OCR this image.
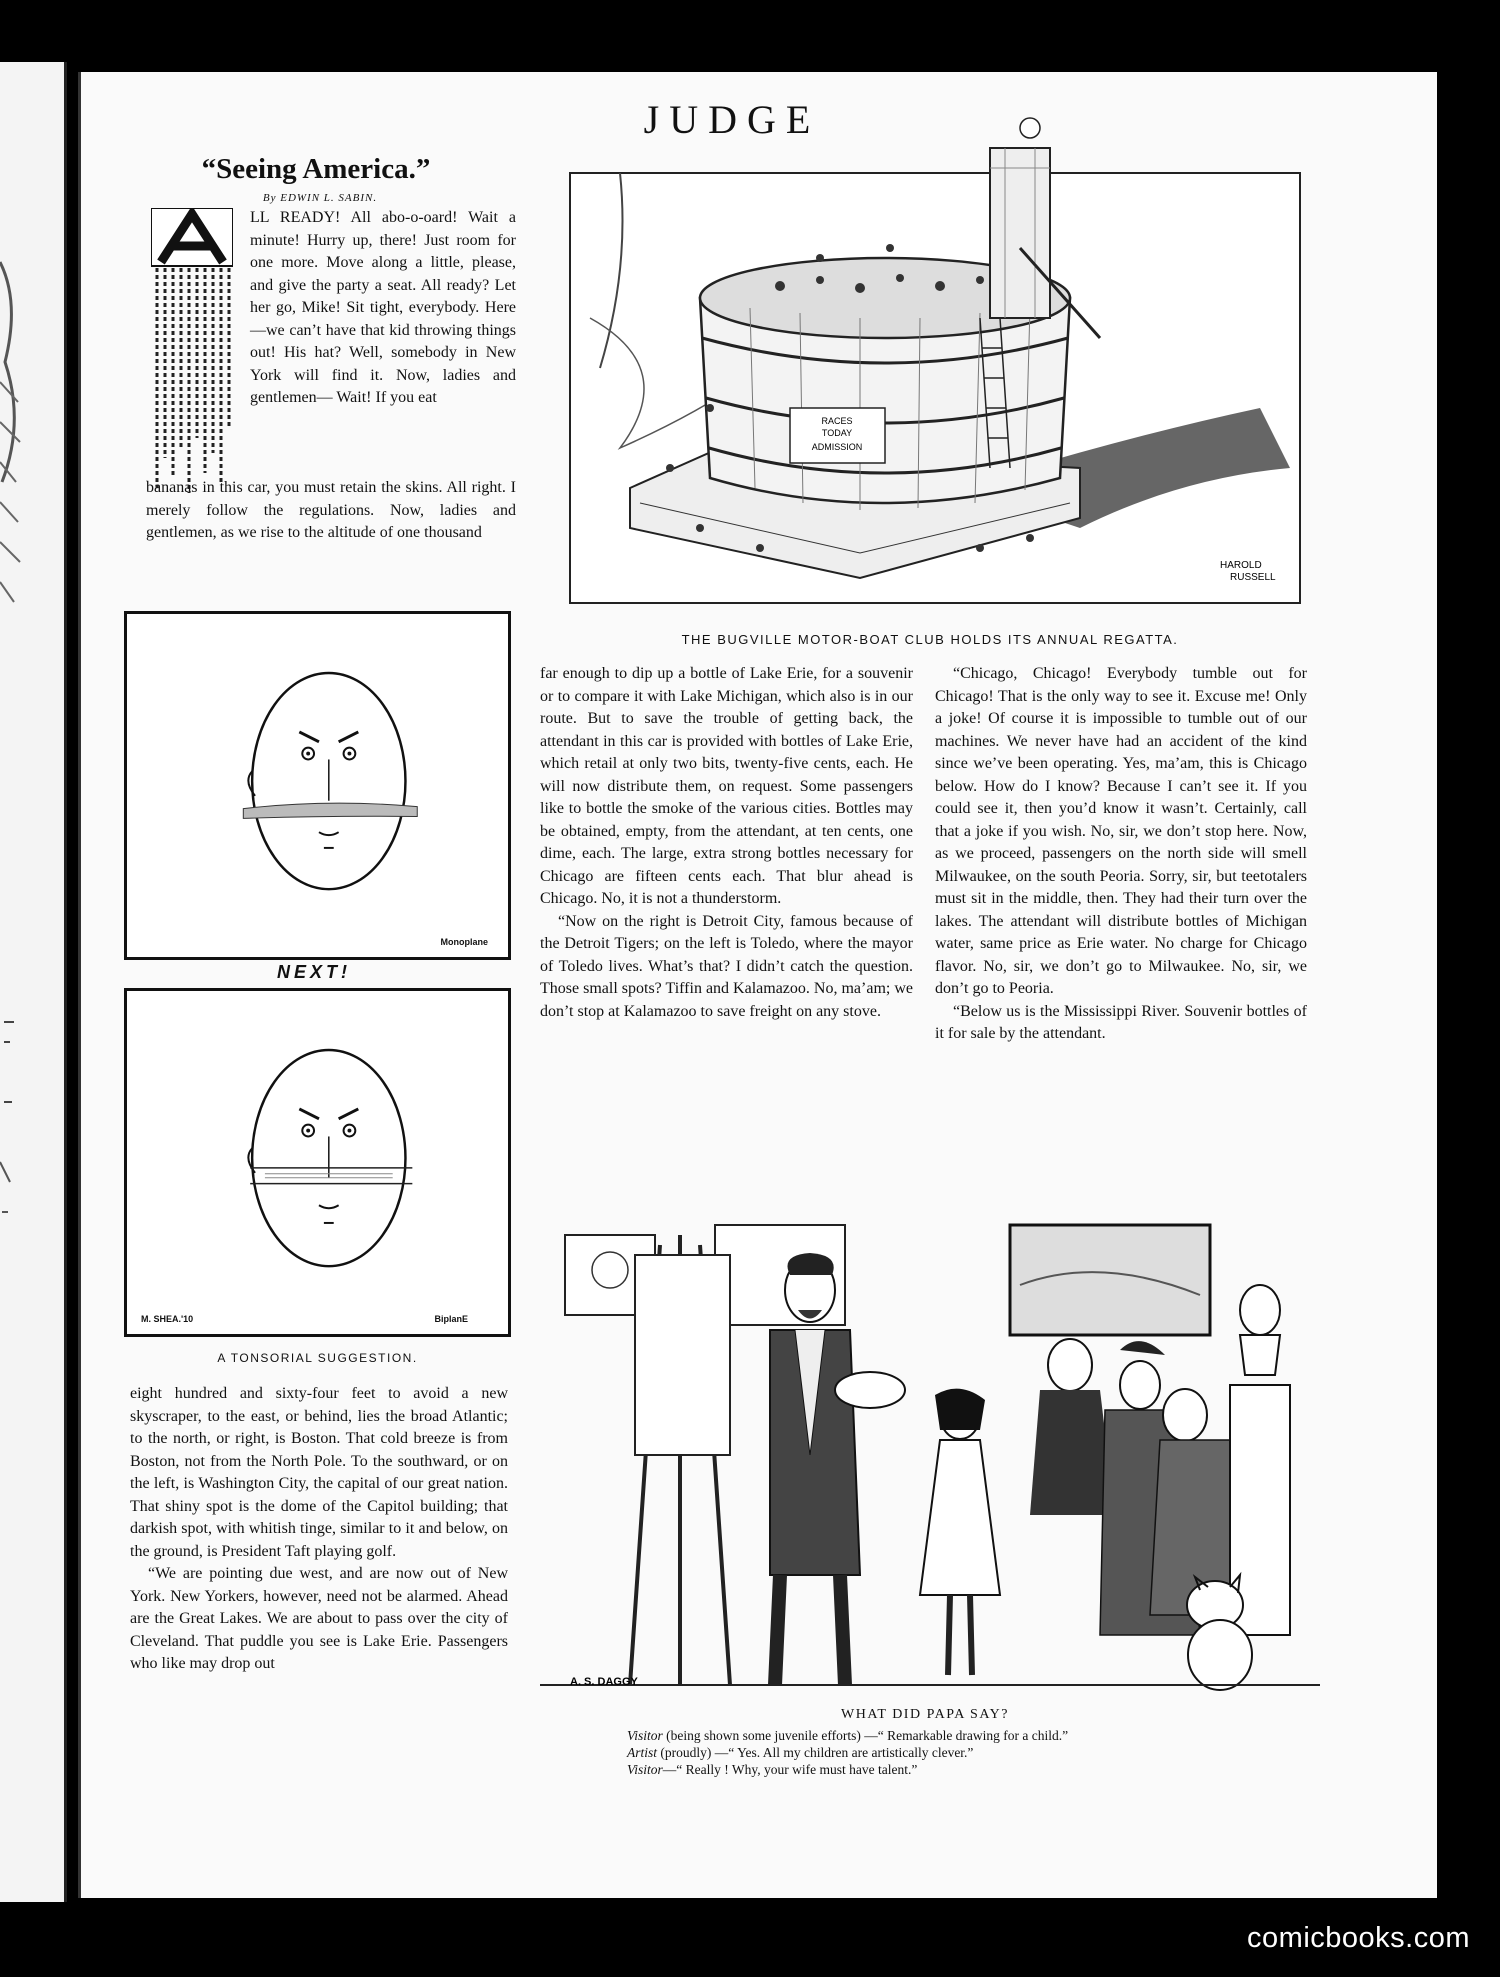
JUDGE
“Seeing America.”
By EDWIN L. SABIN.

LL READY! All abo-o-oard! Wait a minute! Hurry up, there! Just room for one more. Move along a little, please, and give the party a seat. All ready? Let her go, Mike! Sit tight, everybody. Here—we can’t have that kid throwing things out! His hat? Well, somebody in New York will find it. Now, ladies and gentlemen— Wait! If you eat

bananas in this car, you must retain the skins. All right. I merely follow the regulations. Now, ladies and gentlemen, as we rise to the altitude of one thousand

RACES
TODAY
ADMISSION
HAROLD
RUSSELL
THE BUGVILLE MOTOR-BOAT CLUB HOLDS ITS ANNUAL REGATTA.
Monoplane
NEXT!
M. SHEA.'10	BiplanE
A TONSORIAL SUGGESTION.

eight hundred and sixty-four feet to avoid a new skyscraper, to the east, or behind, lies the broad Atlantic; to the north, or right, is Boston. That cold breeze is from Boston, not from the North Pole. To the southward, or on the left, is Washington City, the capital of our great nation. That shiny spot is the dome of the Capitol building; that darkish spot, with whitish tinge, similar to it and below, on the ground, is President Taft playing golf.

“We are pointing due west, and are now out of New York. New Yorkers, however, need not be alarmed. Ahead are the Great Lakes. We are about to pass over the city of Cleveland. That puddle you see is Lake Erie. Passengers who like may drop out

far enough to dip up a bottle of Lake Erie, for a souvenir or to compare it with Lake Michigan, which also is in our route. But to save the trouble of getting back, the attendant in this car is provided with bottles of Lake Erie, which retail at only two bits, twenty-five cents, each. He will now distribute them, on request. Some passengers like to bottle the smoke of the various cities. Bottles may be obtained, empty, from the attendant, at ten cents, one dime, each. The large, extra strong bottles necessary for Chicago are fifteen cents each. That blur ahead is Chicago. No, it is not a thunderstorm.

“Now on the right is Detroit City, famous because of the Detroit Tigers; on the left is Toledo, where the mayor of Toledo lives. What’s that? I didn’t catch the question. Those small spots? Tiffin and Kalamazoo. No, ma’am; we don’t stop at Kalamazoo to save freight on any stove.

“Chicago, Chicago! Everybody tumble out for Chicago! That is the only way to see it. Excuse me! Only a joke! Of course it is impossible to tumble out of our machines. We never have had an accident of the kind since we’ve been operating. Yes, ma’am, this is Chicago below. How do I know? Because I can’t see it. If you could see it, then you’d know it wasn’t. Certainly, call that a joke if you wish. No, sir, we don’t stop here. Now, as we proceed, passengers on the north side will smell Milwaukee, on the south Peoria. Sorry, sir, but teetotalers must sit in the middle, then. They had their turn over the lakes. The attendant will distribute bottles of Michigan water, same price as Erie water. No charge for Chicago flavor. No, sir, we don’t go to Milwaukee. No, sir, we don’t go to Peoria.

“Below us is the Mississippi River. Souvenir bottles of it for sale by the attendant.

A. S. DAGGY
WHAT DID PAPA SAY?
Visitor (being shown some juvenile efforts) —“ Remarkable drawing for a child.”
Artist (proudly) —“ Yes. All my children are artistically clever.”
Visitor—“ Really ! Why, your wife must have talent.”
comicbooks.com
